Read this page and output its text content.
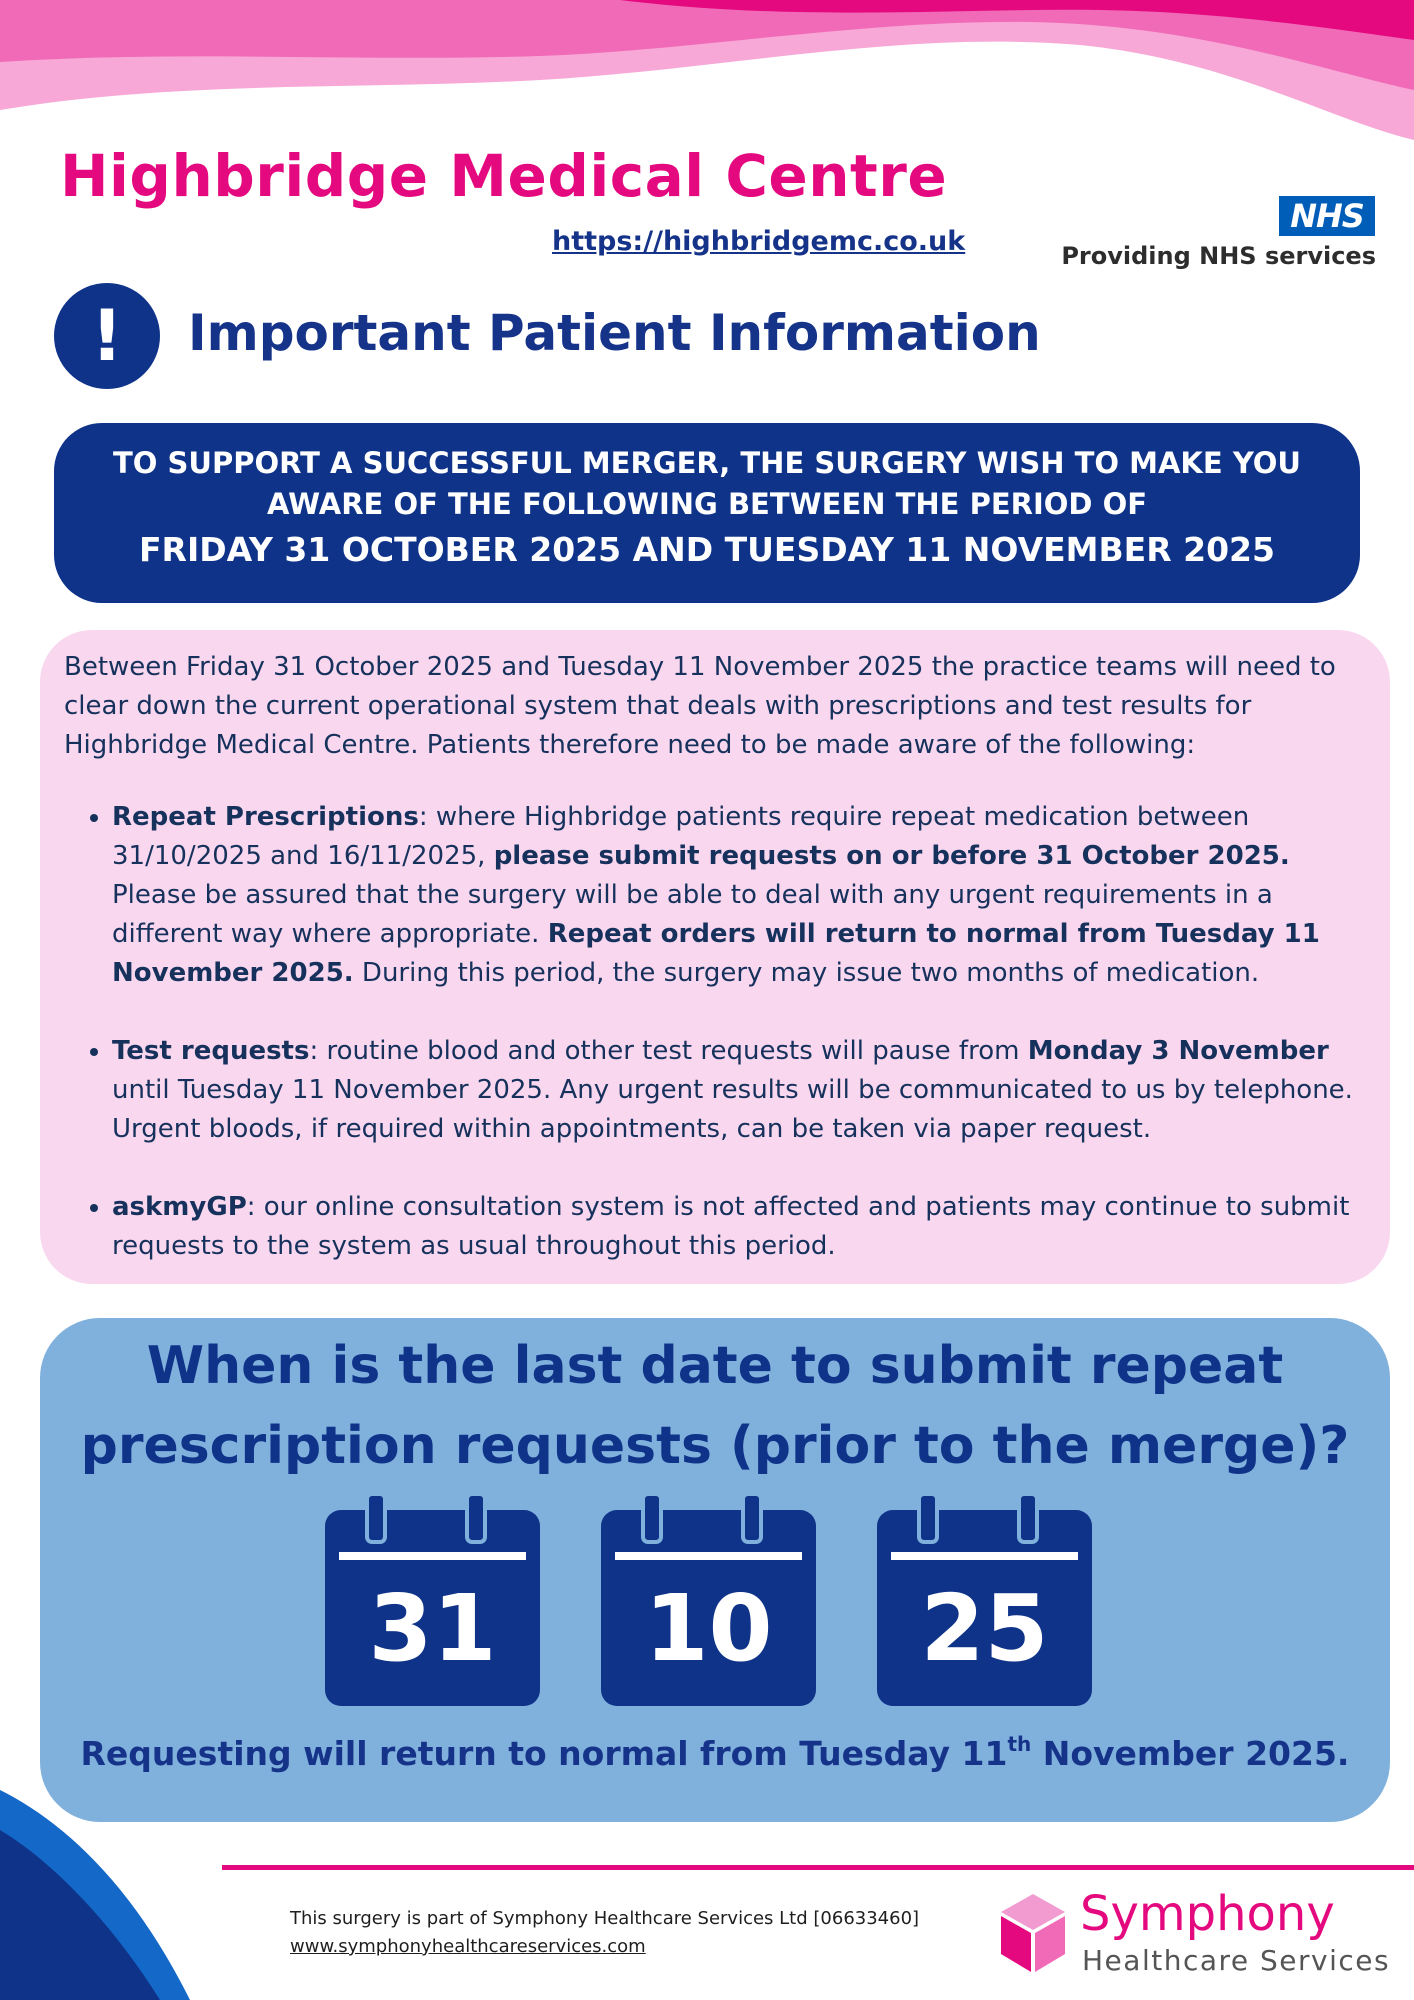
Highbridge Medical Centre
https://highbridgemc.co.uk
NHS
Providing NHS services
!	Important Patient Information
TO SUPPORT A SUCCESSFUL MERGER, THE SURGERY WISH TO MAKE YOU
AWARE OF THE FOLLOWING BETWEEN THE PERIOD OF
FRIDAY 31 OCTOBER 2025 AND TUESDAY 11 NOVEMBER 2025

Between Friday 31 October 2025 and Tuesday 11 November 2025 the practice teams will need to clear down the current operational system that deals with prescriptions and test results for Highbridge Medical Centre. Patients therefore need to be made aware of the following:

• Repeat Prescriptions: where Highbridge patients require repeat medication between 31/10/2025 and 16/11/2025, please submit requests on or before 31 October 2025. Please be assured that the surgery will be able to deal with any urgent requirements in a different way where appropriate. Repeat orders will return to normal from Tuesday 11 November 2025. During this period, the surgery may issue two months of medication.
• Test requests: routine blood and other test requests will pause from Monday 3 November until Tuesday 11 November 2025. Any urgent results will be communicated to us by telephone. Urgent bloods, if required within appointments, can be taken via paper request.
• askmyGP: our online consultation system is not affected and patients may continue to submit requests to the system as usual throughout this period.
When is the last date to submit repeat
prescription requests (prior to the merge)?
31	10	25

Requesting will return to normal from Tuesday 11th November 2025.

This surgery is part of Symphony Healthcare Services Ltd [06633460]
www.symphonyhealthcareservices.com
Symphony
Healthcare Services
